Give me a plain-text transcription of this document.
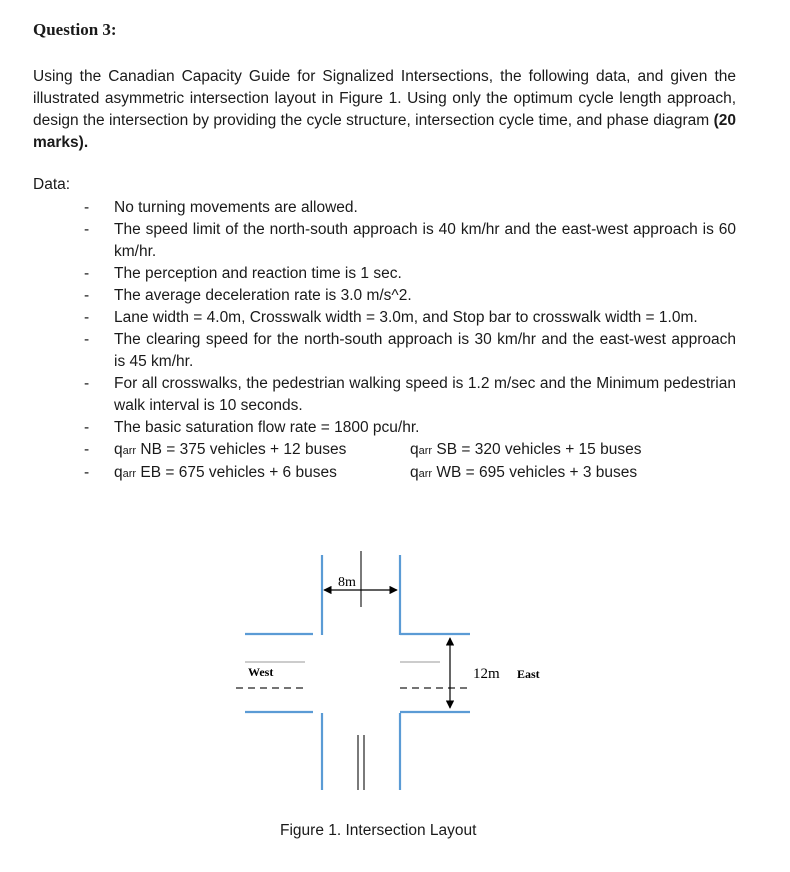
Question 3:
Using the Canadian Capacity Guide for Signalized Intersections, the following data, and given the illustrated asymmetric intersection layout in Figure 1. Using only the optimum cycle length approach, design the intersection by providing the cycle structure, intersection cycle time, and phase diagram (20 marks).
Data:
- No turning movements are allowed.
- The speed limit of the north-south approach is 40 km/hr and the east-west approach is 60 km/hr.
- The perception and reaction time is 1 sec.
- The average deceleration rate is 3.0 m/s^2.
- Lane width = 4.0m, Crosswalk width = 3.0m, and Stop bar to crosswalk width = 1.0m.
- The clearing speed for the north-south approach is 30 km/hr and the east-west approach is 45 km/hr.
- For all crosswalks, the pedestrian walking speed is 1.2 m/sec and the Minimum pedestrian walk interval is 10 seconds.
- The basic saturation flow rate = 1800 pcu/hr.
- qarr NB = 375 vehicles + 12 buses	qarr SB = 320 vehicles + 15 buses
- qarr EB = 675 vehicles + 6 buses	qarr WB = 695 vehicles + 3 buses
8m
12m
West	East
Figure 1. Intersection Layout
